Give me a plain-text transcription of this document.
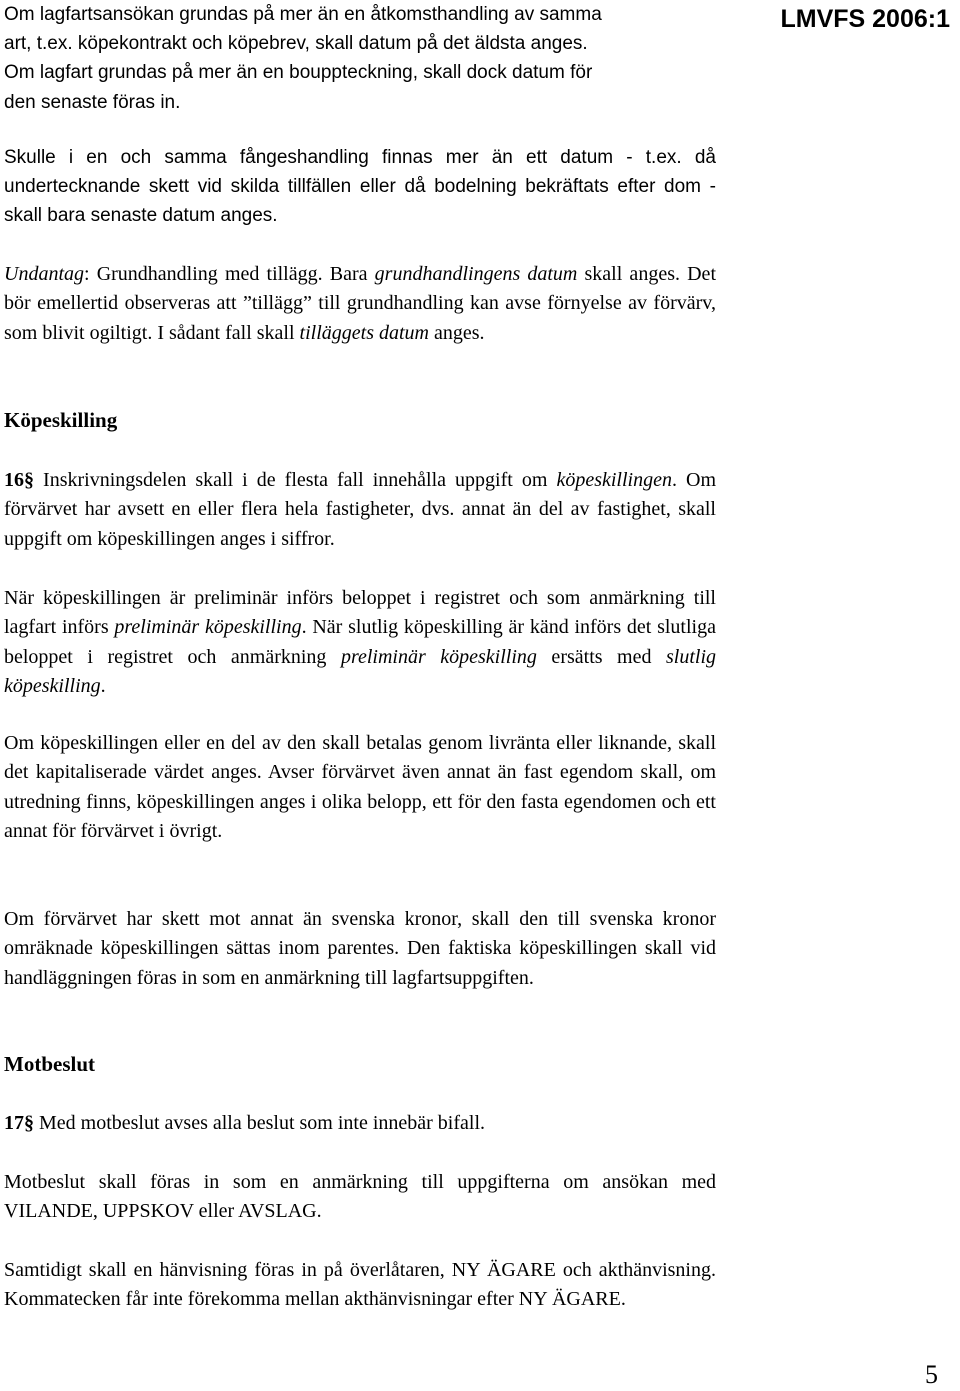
LMVFS 2006:1

Om lagfartsansökan grundas på mer än en åtkomsthandling av samma

art, t.ex. köpekontrakt och köpebrev, skall datum på det äldsta anges.

Om lagfart grundas på mer än en bouppteckning, skall dock datum för

den senaste föras in.

Skulle i en och samma fångeshandling finnas mer än ett datum - t.ex. då undertecknande skett vid skilda tillfällen eller då bodelning bekräftats efter dom - skall bara senaste datum anges.

Undantag: Grundhandling med tillägg. Bara grundhandlingens datum skall anges. Det bör emellertid observeras att ”tillägg” till grundhandling kan avse förnyelse av förvärv, som blivit ogiltigt. I sådant fall skall tilläggets datum anges.

Köpeskilling

16§ Inskrivningsdelen skall i de flesta fall innehålla uppgift om köpeskillingen. Om förvärvet har avsett en eller flera hela fastigheter, dvs. annat än del av fastighet, skall uppgift om köpeskillingen anges i siffror.

När köpeskillingen är preliminär införs beloppet i registret och som anmärkning till lagfart införs preliminär köpeskilling. När slutlig köpeskilling är känd införs det slutliga beloppet i registret och anmärkning preliminär köpeskilling ersätts med slutlig köpeskilling.

Om köpeskillingen eller en del av den skall betalas genom livränta eller liknande, skall det kapitaliserade värdet anges. Avser förvärvet även annat än fast egendom skall, om utredning finns, köpeskillingen anges i olika belopp, ett för den fasta egendomen och ett annat för förvärvet i övrigt.

Om förvärvet har skett mot annat än svenska kronor, skall den till svenska kronor omräknade köpeskillingen sättas inom parentes. Den faktiska köpeskillingen skall vid handläggningen föras in som en anmärkning till lagfartsuppgiften.

Motbeslut

17§ Med motbeslut avses alla beslut som inte innebär bifall.

Motbeslut skall föras in som en anmärkning till uppgifterna om ansökan med VILANDE, UPPSKOV eller AVSLAG.

Samtidigt skall en hänvisning föras in på överlåtaren, NY ÄGARE och akthänvisning. Kommatecken får inte förekomma mellan akthänvisningar efter NY ÄGARE.

5
